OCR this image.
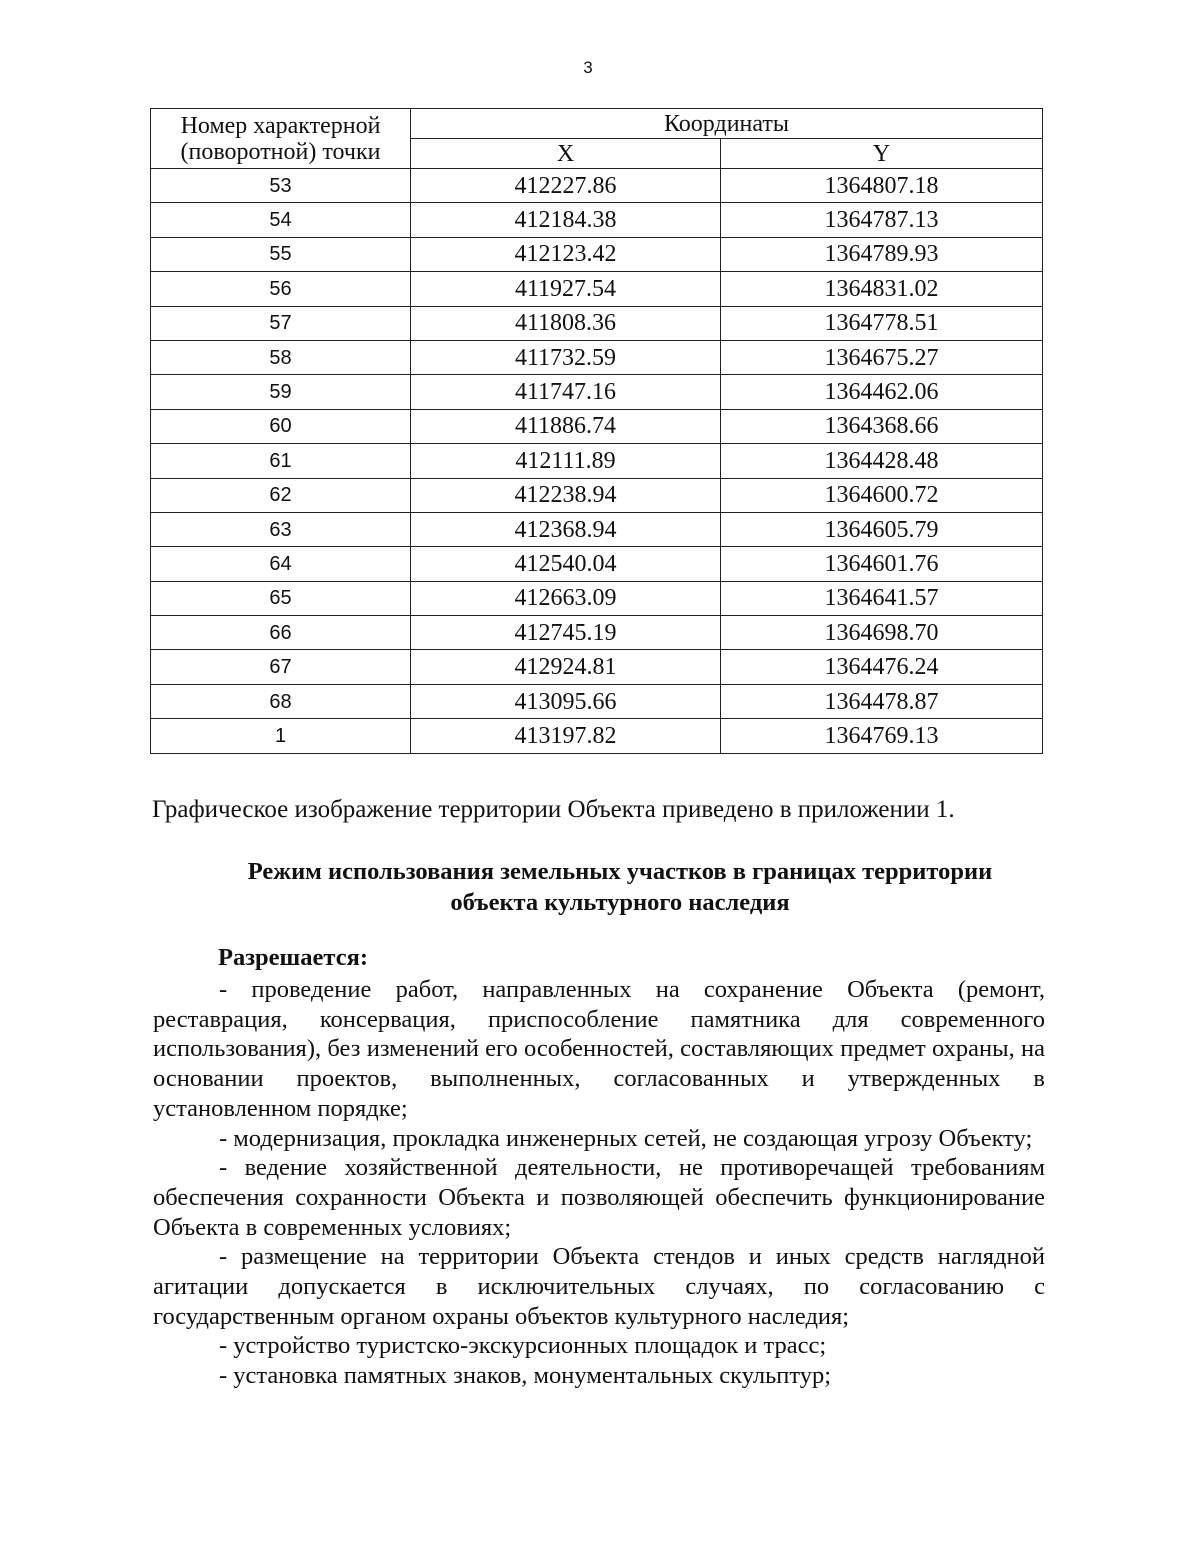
3
Номер характерной
(поворотной) точки	Координаты	
	X	Y
53	412227.86	1364807.18
54	412184.38	1364787.13
55	412123.42	1364789.93
56	411927.54	1364831.02
57	411808.36	1364778.51
58	411732.59	1364675.27
59	411747.16	1364462.06
60	411886.74	1364368.66
61	412111.89	1364428.48
62	412238.94	1364600.72
63	412368.94	1364605.79
64	412540.04	1364601.76
65	412663.09	1364641.57
66	412745.19	1364698.70
67	412924.81	1364476.24
68	413095.66	1364478.87
1	413197.82	1364769.13
Графическое изображение территории Объекта приведено в приложении 1.
Режим использования земельных участков в границах территории
объекта культурного наследия
Разрешается:

- проведение работ, направленных на сохранение Объекта (ремонт, реставрация, консервация, приспособление памятника для современного использования), без изменений его особенностей, составляющих предмет охраны, на основании проектов, выполненных, согласованных и утвержденных в установленном порядке;

- модернизация, прокладка инженерных сетей, не создающая угрозу Объекту;

- ведение хозяйственной деятельности, не противоречащей требованиям обеспечения сохранности Объекта и позволяющей обеспечить функционирование Объекта в современных условиях;

- размещение на территории Объекта стендов и иных средств наглядной агитации допускается в исключительных случаях, по согласованию с государственным органом охраны объектов культурного наследия;

- устройство туристско-экскурсионных площадок и трасс;

- установка памятных знаков, монументальных скульптур;
